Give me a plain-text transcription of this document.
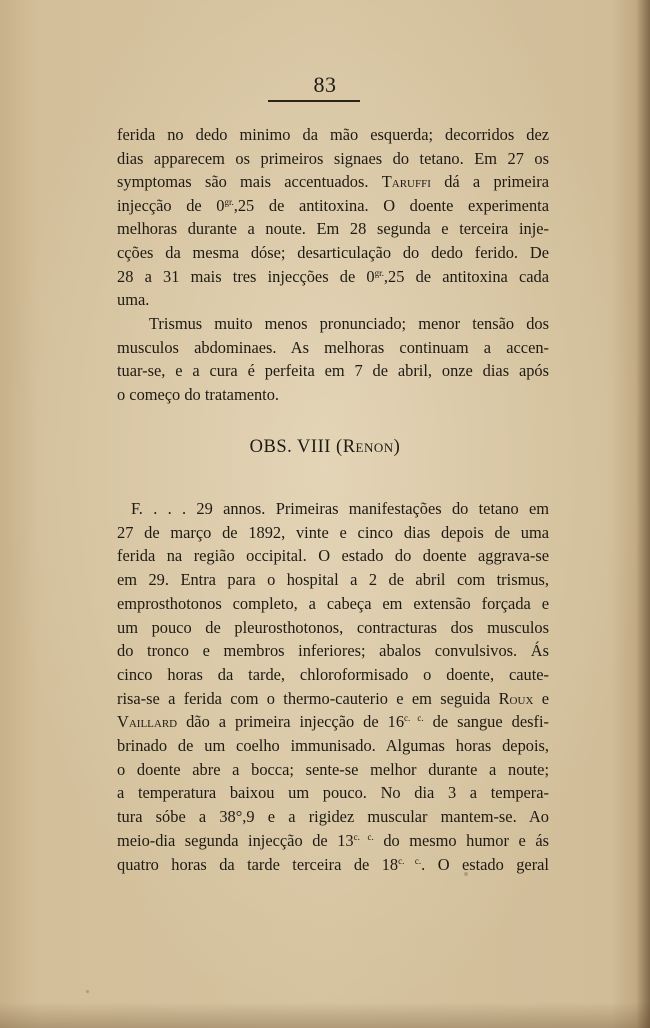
83
ferida no dedo minimo da mão esquerda; decorridos dez
dias apparecem os primeiros signaes do tetano. Em 27 os
symptomas são mais accentuados. Taruffi dá a primeira
injecção de $0^{gr.},25$ de antitoxina. O doente experimenta
melhoras durante a noute. Em 28 segunda e terceira inje-
cções da mesma dóse; desarticulação do dedo ferido. De
28 a 31 mais tres injecções de $0^{gr.},25$ de antitoxina cada
uma.
Trismus muito menos pronunciado; menor tensão dos
musculos abdominaes. As melhoras continuam a accen-
tuar-se, e a cura é perfeita em 7 de abril, onze dias após
o começo do tratamento.
OBS. VIII (Renon)
F. . . . 29 annos. Primeiras manifestações do tetano em
27 de março de 1892, vinte e cinco dias depois de uma
ferida na região occipital. O estado do doente aggrava-se
em 29. Entra para o hospital a 2 de abril com trismus,
emprosthotonos completo, a cabeça em extensão forçada e
um pouco de pleurosthotonos, contracturas dos musculos
do tronco e membros inferiores; abalos convulsivos. Ás
cinco horas da tarde, chloroformisado o doente, caute-
risa-se a ferida com o thermo-cauterio e em seguida Roux e
Vaillard dão a primeira injecção de $16^{c. c.}$ de sangue desfi-
brinado de um coelho immunisado. Algumas horas depois,
o doente abre a bocca; sente-se melhor durante a noute;
a temperatura baixou um pouco. No dia 3 a tempera-
tura sóbe a 38°,9 e a rigidez muscular mantem-se. Ao
meio-dia segunda injecção de $13^{c. c.}$ do mesmo humor e ás
quatro horas da tarde terceira de $18^{c. c.}$. O estado geral
